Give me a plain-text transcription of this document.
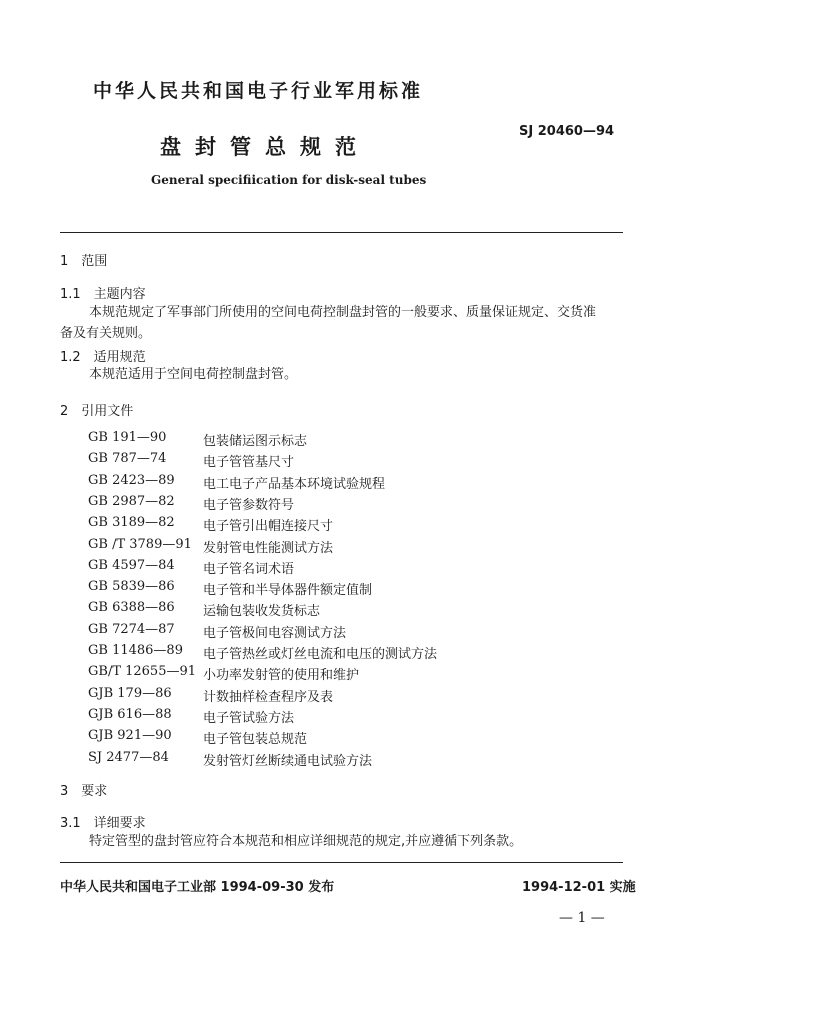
中华人民共和国电子行业军用标准
盘封管总规范
SJ 20460—94
General specifiication for disk-seal tubes
1　范围
1.1　主题内容
本规范规定了军事部门所使用的空间电荷控制盘封管的一般要求、质量保证规定、交货准
备及有关规则。
1.2　适用规范
本规范适用于空间电荷控制盘封管。
2　引用文件
GB 191—90	包装储运图示标志
GB 787—74	电子管管基尺寸
GB 2423—89 电工电子产品基本环境试验规程
GB 2987—82 电子管参数符号
GB 3189—82 电子管引出帽连接尺寸
GB /T 3789—91 发射管电性能测试方法
GB 4597—84 电子管名词术语
GB 5839—86 电子管和半导体器件额定值制
GB 6388—86 运输包装收发货标志
GB 7274—87 电子管极间电容测试方法
GB 11486—89 电子管热丝或灯丝电流和电压的测试方法
GB/T 12655—91 小功率发射管的使用和维护
GJB 179—86 计数抽样检查程序及表
GJB 616—88 电子管试验方法
GJB 921—90 电子管包装总规范
SJ 2477—84	发射管灯丝断续通电试验方法
3　要求
3.1　详细要求
特定管型的盘封管应符合本规范和相应详细规范的规定,并应遵循下列条款。
中华人民共和国电子工业部 1994-09-30 发布	1994-12-01 实施
— 1 —
